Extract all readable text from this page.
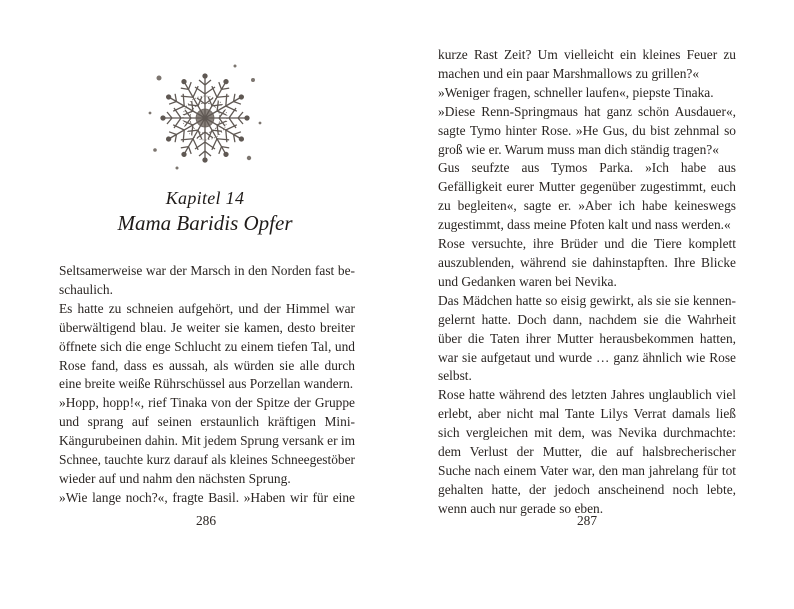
Kapitel 14
Mama Baridis Opfer

Seltsamerweise war der Marsch in den Norden fast beschaulich.

Es hatte zu schneien aufgehört, und der Himmel war überwältigend blau. Je weiter sie kamen, desto breiter öffnete sich die enge Schlucht zu einem tiefen Tal, und Rose fand, dass es aussah, als würden sie alle durch eine breite weiße Rührschüssel aus Porzellan wandern.

»Hopp, hopp!«, rief Tinaka von der Spitze der Gruppe und sprang auf seinen erstaunlich kräftigen Mini-Kängurubeinen dahin. Mit jedem Sprung versank er im Schnee, tauchte kurz darauf als kleines Schneegestöber wieder auf und nahm den nächsten Sprung.

»Wie lange noch?«, fragte Basil. »Haben wir für eine

286

kurze Rast Zeit? Um vielleicht ein kleines Feuer zu machen und ein paar Marshmallows zu grillen?«

»Weniger fragen, schneller laufen«, piepste Tinaka.

»Diese Renn-Springmaus hat ganz schön Ausdauer«, sagte Tymo hinter Rose. »He Gus, du bist zehnmal so groß wie er. Warum muss man dich ständig tragen?«

Gus seufzte aus Tymos Parka. »Ich habe aus Gefälligkeit eurer Mutter gegenüber zugestimmt, euch zu begleiten«, sagte er. »Aber ich habe keineswegs zugestimmt, dass meine Pfoten kalt und nass werden.«

Rose versuchte, ihre Brüder und die Tiere komplett auszublenden, während sie dahinstapften. Ihre Blicke und Gedanken waren bei Nevika.

Das Mädchen hatte so eisig gewirkt, als sie sie kennengelernt hatte. Doch dann, nachdem sie die Wahrheit über die Taten ihrer Mutter herausbekommen hatten, war sie aufgetaut und wurde … ganz ähnlich wie Rose selbst.

Rose hatte während des letzten Jahres unglaublich viel erlebt, aber nicht mal Tante Lilys Verrat damals ließ sich vergleichen mit dem, was Nevika durchmachte: dem Verlust der Mutter, die auf halsbrecherischer Suche nach einem Vater war, den man jahrelang für tot gehalten hatte, der jedoch anscheinend noch lebte, wenn auch nur gerade so eben.

287
